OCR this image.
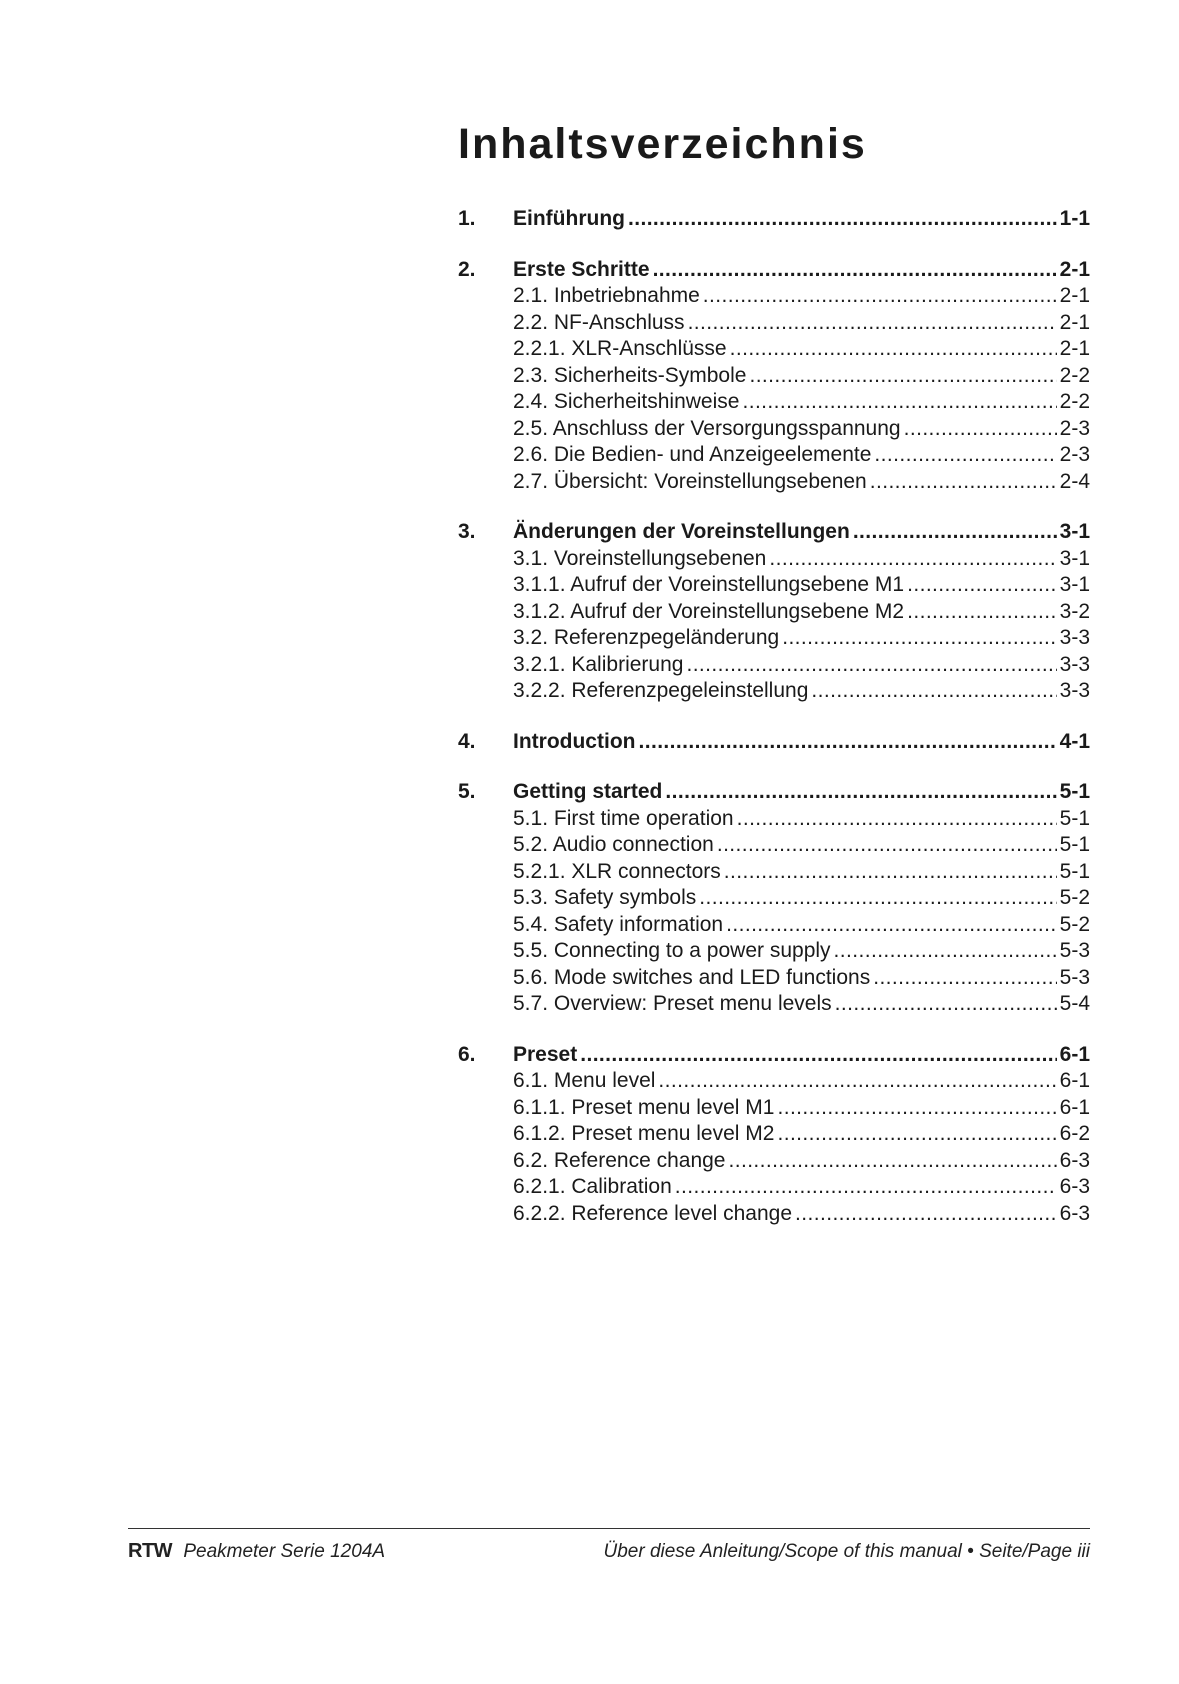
Inhaltsverzeichnis
1.	Einführung .....	1-1
2.	Erste Schritte .....	2-1
2.1. Inbetriebnahme .....	2-1
2.2. NF-Anschluss .....	2-1
2.2.1. XLR-Anschlüsse .....	2-1
2.3. Sicherheits-Symbole .....	2-2
2.4. Sicherheitshinweise .....	2-2
2.5. Anschluss der Versorgungsspannung .....	2-3
2.6. Die Bedien- und Anzeigeelemente .....	2-3
2.7. Übersicht: Voreinstellungsebenen .....	2-4
3.	Änderungen der Voreinstellungen .....	3-1
3.1. Voreinstellungsebenen .....	3-1
3.1.1. Aufruf der Voreinstellungsebene M1 .....	3-1
3.1.2. Aufruf der Voreinstellungsebene M2 .....	3-2
3.2. Referenzpegeländerung .....	3-3
3.2.1. Kalibrierung .....	3-3
3.2.2. Referenzpegeleinstellung .....	3-3
4.	Introduction .....	4-1
5.	Getting started .....	5-1
5.1. First time operation .....	5-1
5.2. Audio connection .....	5-1
5.2.1. XLR connectors .....	5-1
5.3. Safety symbols .....	5-2
5.4. Safety information .....	5-2
5.5. Connecting to a power supply .....	5-3
5.6. Mode switches and LED functions .....	5-3
5.7. Overview: Preset menu levels .....	5-4
6.	Preset .....	6-1
6.1. Menu level .....	6-1
6.1.1. Preset menu level M1 .....	6-1
6.1.2. Preset menu level M2 .....	6-2
6.2. Reference change .....	6-3
6.2.1. Calibration .....	6-3
6.2.2. Reference level change .....	6-3
RTW Peakmeter Serie 1204A	Über diese Anleitung/Scope of this manual • Seite/Page iii
